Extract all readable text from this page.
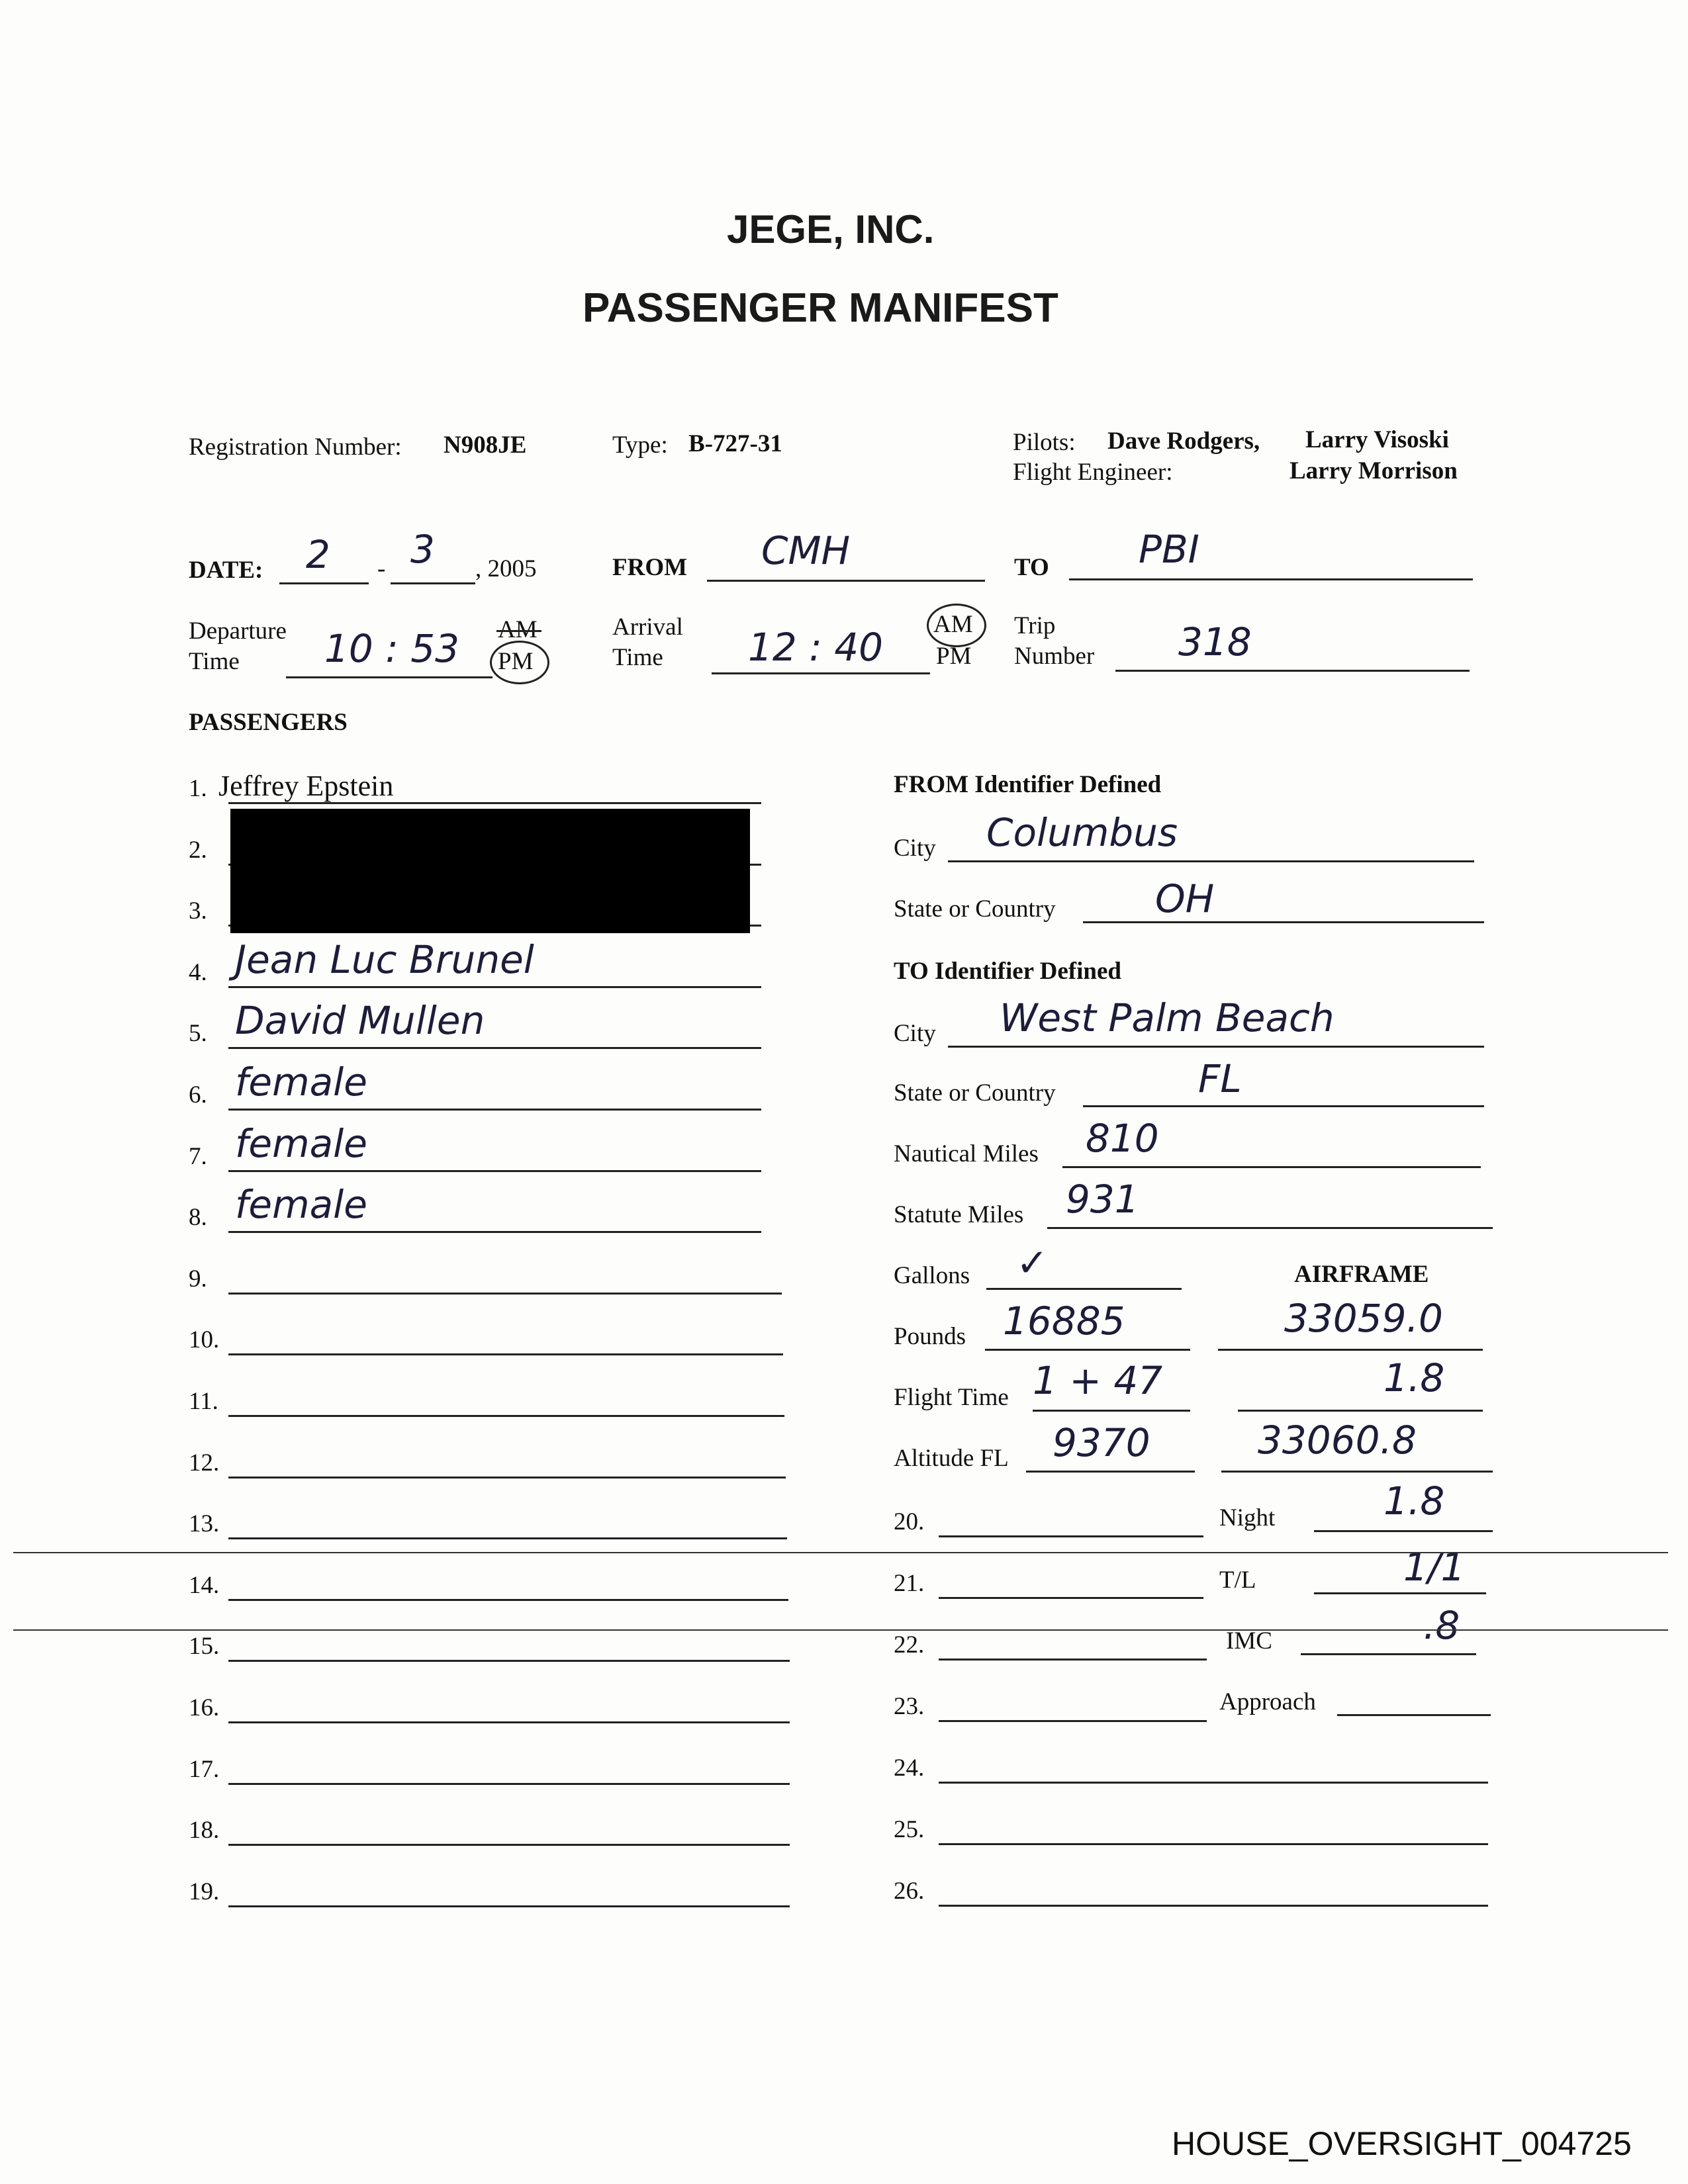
JEGE, INC.
PASSENGER MANIFEST
Registration Number: N908JE	Type: B-727-31	Pilots: Dave Rodgers, Larry Visoski
Flight Engineer:	Larry Morrison
DATE: 2 - 3 , 2005	FROM CMH	TO PBI
Departure
Time 10 : 53 AM
PM
Arrival
Time 12 : 40
AM
PM
Trip
Number 318
PASSENGERS
1. Jeffrey Epstein
2.
3.
4. Jean Luc Brunel
5. David Mullen
6. female
7. female
8. female
9.
10.
11.
12.
13.
14.
15.
16.
17.
18.
19.
FROM Identifier Defined
City Columbus
State or Country	OH
TO Identifier Defined
City West Palm Beach
State or Country	FL
Nautical Miles 810
Statute Miles 931
Gallons ✓	AIRFRAME
Pounds 16885	33059.0
Flight Time 1 + 47	1.8
Altitude FL 9370	33060.8
20.
21.
22.
23.
24.
25.
26.
Night	1.8
T/L	1/1
IMC	.8
Approach
HOUSE_OVERSIGHT_004725
